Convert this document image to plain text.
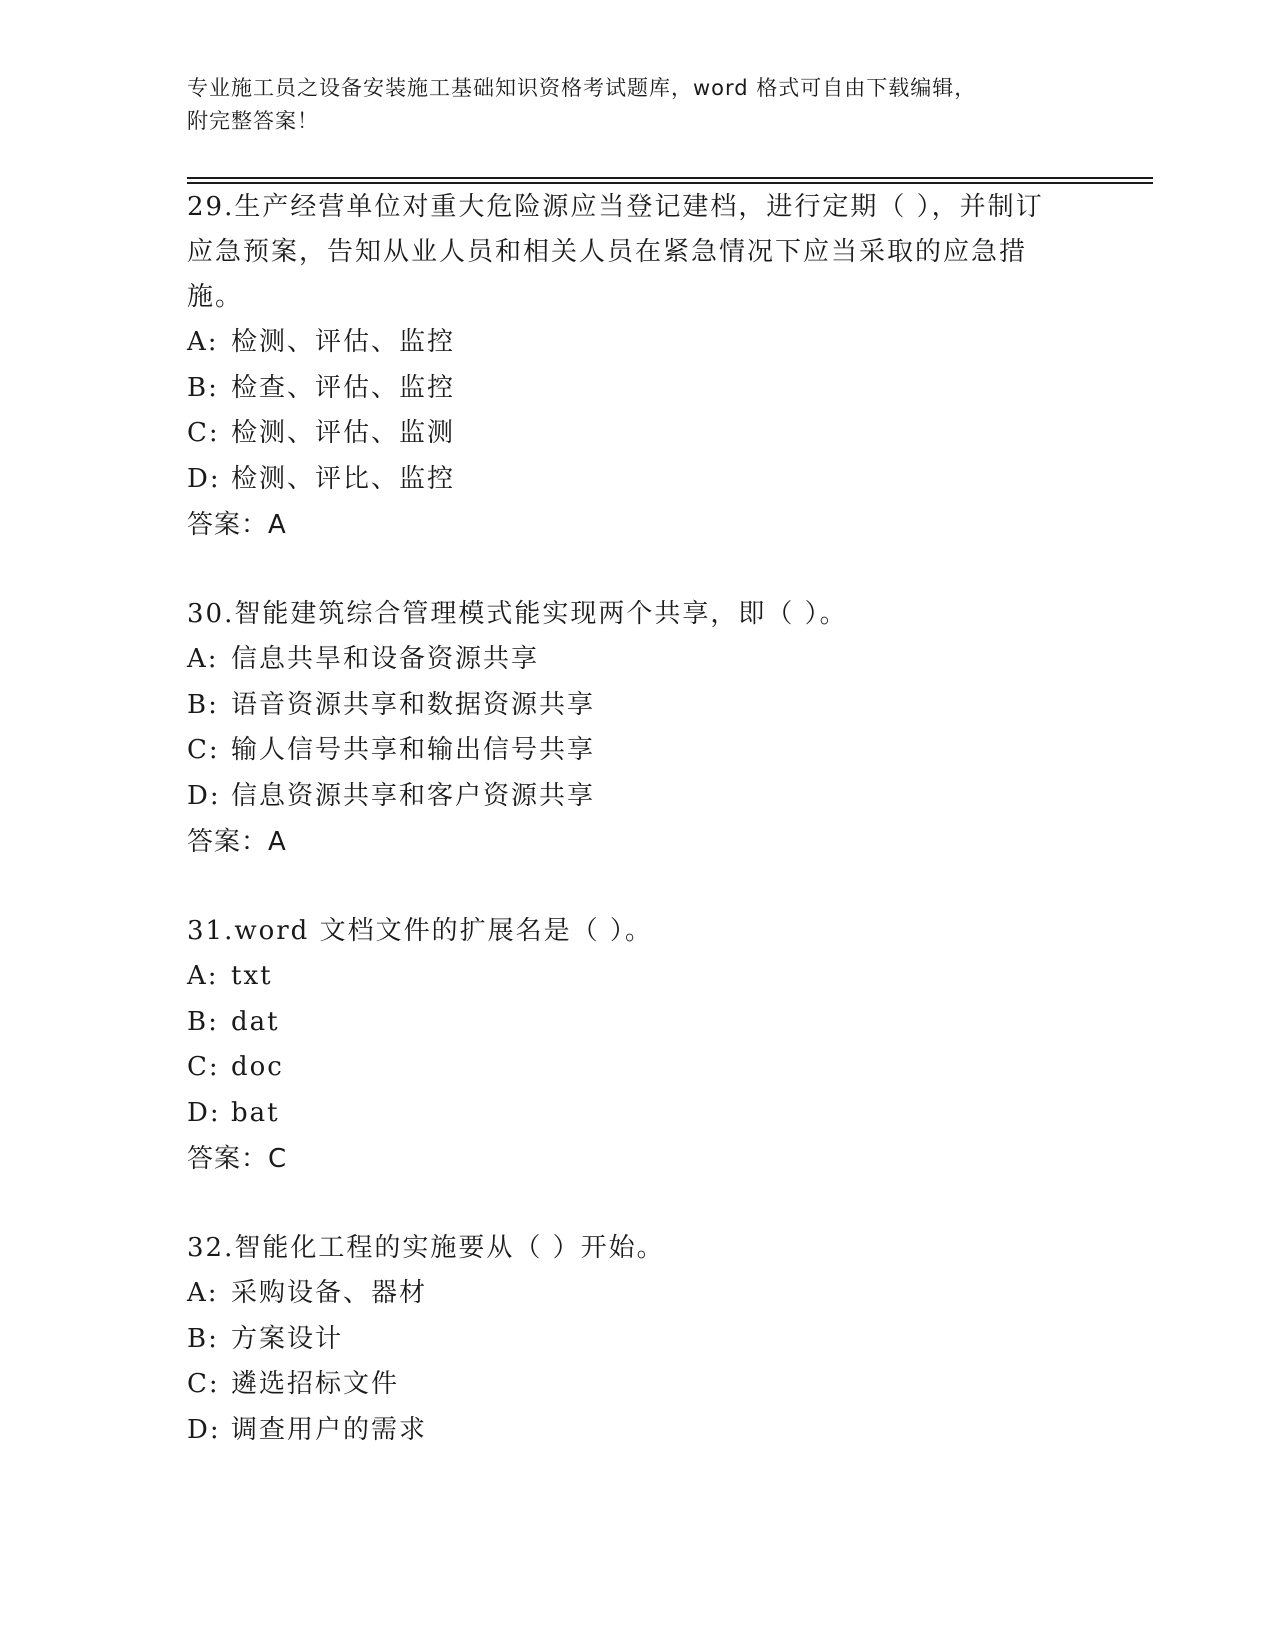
专业施工员之设备安装施工基础知识资格考试题库，word 格式可自由下载编辑，
附完整答案！

29.生产经营单位对重大危险源应当登记建档，进行定期（ ），并制订应急预案，告知从业人员和相关人员在紧急情况下应当采取的应急措施。

A: 检测、评估、监控
B: 检查、评估、监控
C: 检测、评估、监测
D: 检测、评比、监控
答案：A

30.智能建筑综合管理模式能实现两个共享，即（ ）。

A: 信息共旱和设备资源共享
B: 语音资源共享和数据资源共享
C: 输人信号共享和输出信号共享
D: 信息资源共享和客户资源共享
答案：A

31.word 文档文件的扩展名是（ ）。

A: txt
B: dat
C: doc
D: bat
答案：C

32.智能化工程的实施要从（ ）开始。

A: 采购设备、器材
B: 方案设计
C: 遴选招标文件
D: 调查用户的需求
